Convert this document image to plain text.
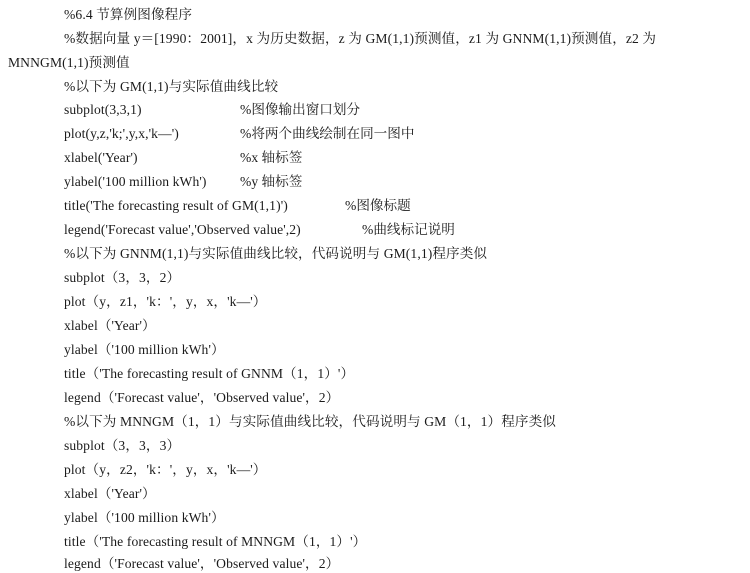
%6.4 节算例图像程序
%数据向量 y＝[1990：2001]，x 为历史数据，z 为 GM(1,1)预测值，z1 为 GNNM(1,1)预测值，z2 为
MNNGM(1,1)预测值
%以下为 GM(1,1)与实际值曲线比较
subplot(3,3,1)	%图像输出窗口划分
plot(y,z,'k;',y,x,'k—')	%将两个曲线绘制在同一图中
xlabel('Year')	%x 轴标签
ylabel('100 million kWh') %y 轴标签
title('The forecasting result of GM(1,1)')	%图像标题
legend('Forecast value','Observed value',2)	%曲线标记说明
%以下为 GNNM(1,1)与实际值曲线比较，代码说明与 GM(1,1)程序类似
subplot（3，3，2）
plot（y，z1，'k：'，y，x，'k—'）
xlabel（'Year'）
ylabel（'100 million kWh'）
title（'The forecasting result of GNNM（1，1）'）
legend（'Forecast value'，'Observed value'，2）
%以下为 MNNGM（1，1）与实际值曲线比较，代码说明与 GM（1，1）程序类似
subplot（3，3，3）
plot（y，z2，'k：'，y，x，'k—'）
xlabel（'Year'）
ylabel（'100 million kWh'）
title（'The forecasting result of MNNGM（1，1）'）
legend（'Forecast value'，'Observed value'，2）
